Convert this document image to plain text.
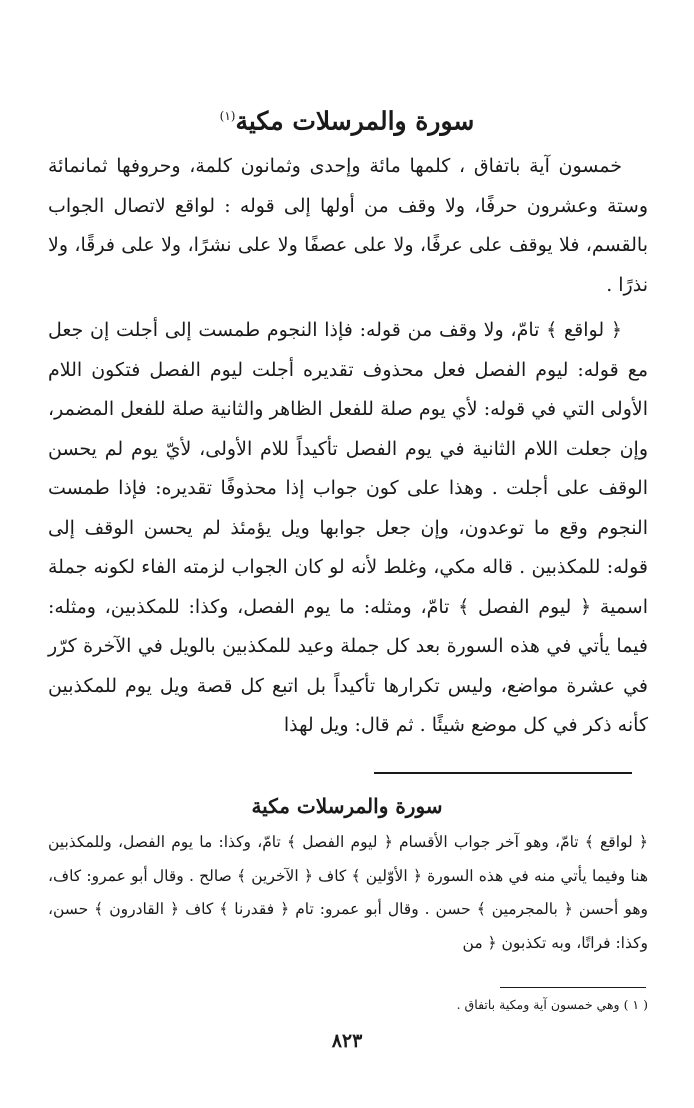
سورة والمرسلات مكية$^{(١)}$

خمسون آية باتفاق ، كلمها مائة وإحدى وثمانون كلمة، وحروفها ثمانمائة وستة وعشرون حرفًا، ولا وقف من أولها إلى قوله : لواقع لاتصال الجواب بالقسم، فلا يوقف على عرفًا، ولا على عصفًا ولا على نشرًا، ولا على فرقًا، ولا نذرًا .

﴿ لواقع ﴾ تامّ، ولا وقف من قوله: فإذا النجوم طمست إلى أجلت إن جعل مع قوله: ليوم الفصل فعل محذوف تقديره أجلت ليوم الفصل فتكون اللام الأولى التي في قوله: لأي يوم صلة للفعل الظاهر والثانية صلة للفعل المضمر، وإن جعلت اللام الثانية في يوم الفصل تأكيداً للام الأولى، لأيّ يوم لم يحسن الوقف على أجلت . وهذا على كون جواب إذا محذوفًا تقديره: فإذا طمست النجوم وقع ما توعدون، وإن جعل جوابها ويل يؤمئذ لم يحسن الوقف إلى قوله: للمكذبين . قاله مكي، وغلط لأنه لو كان الجواب لزمته الفاء لكونه جملة اسمية ﴿ ليوم الفصل ﴾ تامّ، ومثله: ما يوم الفصل، وكذا: للمكذبين، ومثله: فيما يأتي في هذه السورة بعد كل جملة وعيد للمكذبين بالويل في الآخرة كرّر في عشرة مواضع، وليس تكرارها تأكيداً بل اتبع كل قصة ويل يوم للمكذبين كأنه ذكر في كل موضع شيئًا . ثم قال: ويل لهذا

سورة والمرسلات مكية

﴿ لواقع ﴾ تامّ، وهو آخر جواب الأقسام ﴿ ليوم الفصل ﴾ تامّ، وكذا: ما يوم الفصل، وللمكذبين هنا وفيما يأتي منه في هذه السورة ﴿ الأوّلين ﴾ كاف ﴿ الآخرين ﴾ صالح . وقال أبو عمرو: كاف، وهو أحسن ﴿ بالمجرمين ﴾ حسن . وقال أبو عمرو: تام ﴿ فقدرنا ﴾ كاف ﴿ القادرون ﴾ حسن، وكذا: فراتًا، وبه تكذبون ﴿ من

( ١ ) وهي خمسون آية ومكية باتفاق .
٨٢٣
